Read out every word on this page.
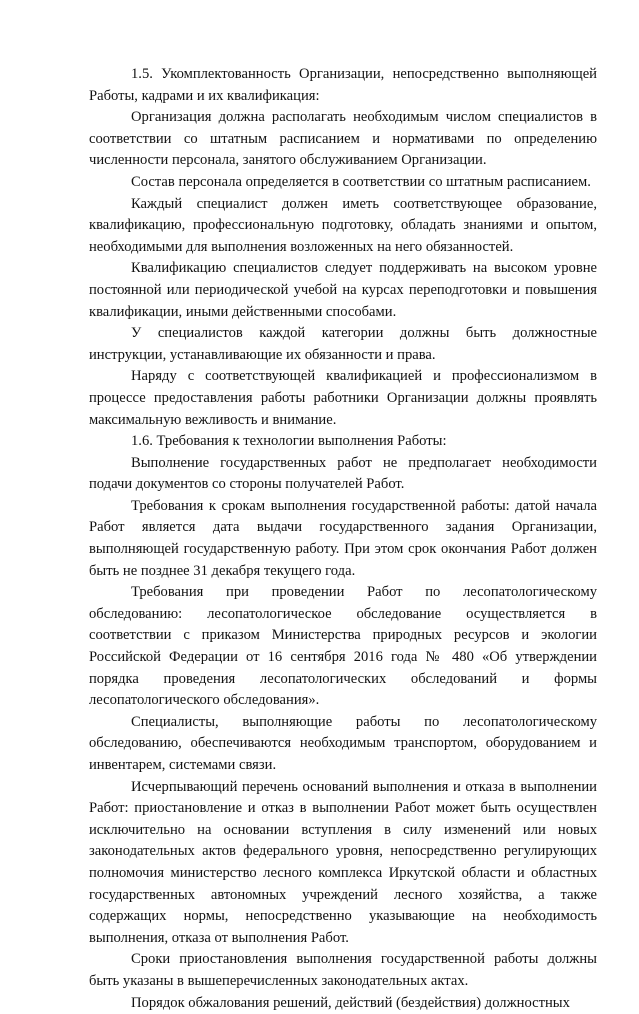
1.5. Укомплектованность Организации, непосредственно выполняющей Работы, кадрами и их квалификация:

Организация должна располагать необходимым числом специалистов в соответствии со штатным расписанием и нормативами по определению численности персонала, занятого обслуживанием Организации.

Состав персонала определяется в соответствии со штатным расписанием.

Каждый специалист должен иметь соответствующее образование, квалификацию, профессиональную подготовку, обладать знаниями и опытом, необходимыми для выполнения возложенных на него обязанностей.

Квалификацию специалистов следует поддерживать на высоком уровне постоянной или периодической учебой на курсах переподготовки и повышения квалификации, иными действенными способами.

У специалистов каждой категории должны быть должностные инструкции, устанавливающие их обязанности и права.

Наряду с соответствующей квалификацией и профессионализмом в процессе предоставления работы работники Организации должны проявлять максимальную вежливость и внимание.

1.6. Требования к технологии выполнения Работы:

Выполнение государственных работ не предполагает необходимости подачи документов со стороны получателей Работ.

Требования к срокам выполнения государственной работы: датой начала Работ является дата выдачи государственного задания Организации, выполняющей государственную работу. При этом срок окончания Работ должен быть не позднее 31 декабря текущего года.

Требования при проведении Работ по лесопатологическому обследованию: лесопатологическое обследование осуществляется в соответствии с приказом Министерства природных ресурсов и экологии Российской Федерации от 16 сентября 2016 года № 480 «Об утверждении порядка проведения лесопатологических обследований и формы лесопатологического обследования».

Специалисты, выполняющие работы по лесопатологическому обследованию, обеспечиваются необходимым транспортом, оборудованием и инвентарем, системами связи.

Исчерпывающий перечень оснований выполнения и отказа в выполнении Работ: приостановление и отказ в выполнении Работ может быть осуществлен исключительно на основании вступления в силу изменений или новых законодательных актов федерального уровня, непосредственно регулирующих полномочия министерство лесного комплекса Иркутской области и областных государственных автономных учреждений лесного хозяйства, а также содержащих нормы, непосредственно указывающие на необходимость выполнения, отказа от выполнения Работ.

Сроки приостановления выполнения государственной работы должны быть указаны в вышеперечисленных законодательных актах.

Порядок обжалования решений, действий (бездействия) должностных
